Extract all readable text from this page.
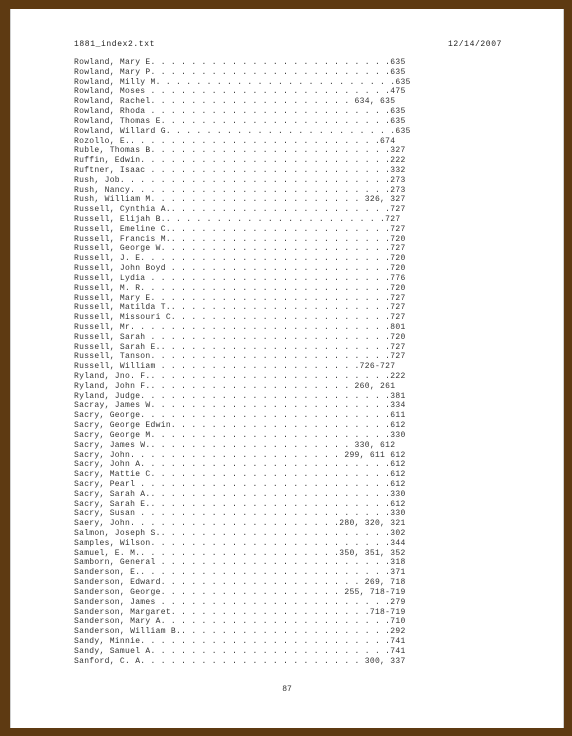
1881_index2.txt	12/14/2007
Rowland, Mary E. . . . . . . . . . . . . . . . . . . . . . . .635
Rowland, Mary P. . . . . . . . . . . . . . . . . . . . . . . .635
Rowland, Milly M. . . . . . . . . . . . . . . . . . . . . . . .635
Rowland, Moses . . . . . . . . . . . . . . . . . . . . . . . .475
Rowland, Rachel. . . . . . . . . . . . . . . . . . . . 634, 635
Rowland, Rhoda . . . . . . . . . . . . . . . . . . . . . . . .635
Rowland, Thomas E. . . . . . . . . . . . . . . . . . . . . . .635
Rowland, Willard G. . . . . . . . . . . . . . . . . . . . . . .635
Rozollo, E.. . . . . . . . . . . . . . . . . . . . . . . . .674
Ruble, Thomas B. . . . . . . . . . . . . . . . . . . . . . . .327
Ruffin, Edwin. . . . . . . . . . . . . . . . . . . . . . . . .222
Ruftner, Isaac . . . . . . . . . . . . . . . . . . . . . . . .332
Rush, Job. . . . . . . . . . . . . . . . . . . . . . . . . . .273
Rush, Nancy. . . . . . . . . . . . . . . . . . . . . . . . . .273
Rush, William M. . . . . . . . . . . . . . . . . . . . . 326, 327
Russell, Cynthia A.. . . . . . . . . . . . . . . . . . . . . .727
Russell, Elijah B.. . . . . . . . . . . . . . . . . . . . . .727
Russell, Emeline C.. . . . . . . . . . . . . . . . . . . . . .727
Russell, Francis M.. . . . . . . . . . . . . . . . . . . . . .720
Russell, George W. . . . . . . . . . . . . . . . . . . . . . .727
Russell, J. E. . . . . . . . . . . . . . . . . . . . . . . . .720
Russell, John Boyd . . . . . . . . . . . . . . . . . . . . . .720
Russell, Lydia . . . . . . . . . . . . . . . . . . . . . . . .776
Russell, M. R. . . . . . . . . . . . . . . . . . . . . . . . .720
Russell, Mary E. . . . . . . . . . . . . . . . . . . . . . . .727
Russell, Matilda T.. . . . . . . . . . . . . . . . . . . . . .727
Russell, Missouri C. . . . . . . . . . . . . . . . . . . . . .727
Russell, Mr. . . . . . . . . . . . . . . . . . . . . . . . . .801
Russell, Sarah . . . . . . . . . . . . . . . . . . . . . . . .720
Russell, Sarah E.. . . . . . . . . . . . . . . . . . . . . . .727
Russell, Tanson. . . . . . . . . . . . . . . . . . . . . . . .727
Russell, William . . . . . . . . . . . . . . . . . . . .726-727
Ryland, Jno. F.. . . . . . . . . . . . . . . . . . . . . . . .222
Ryland, John F.. . . . . . . . . . . . . . . . . . . . 260, 261
Ryland, Judge. . . . . . . . . . . . . . . . . . . . . . . . .381
Sacray, James W. . . . . . . . . . . . . . . . . . . . . . . .334
Sacry, George. . . . . . . . . . . . . . . . . . . . . . . . .611
Sacry, George Edwin. . . . . . . . . . . . . . . . . . . . . .612
Sacry, George M. . . . . . . . . . . . . . . . . . . . . . . .330
Sacry, James W.. . . . . . . . . . . . . . . . . . . . 330, 612
Sacry, John. . . . . . . . . . . . . . . . . . . . . 299, 611 612
Sacry, John A. . . . . . . . . . . . . . . . . . . . . . . . .612
Sacry, Mattie C. . . . . . . . . . . . . . . . . . . . . . . .612
Sacry, Pearl . . . . . . . . . . . . . . . . . . . . . . . . .612
Sacry, Sarah A.. . . . . . . . . . . . . . . . . . . . . . . .330
Sacry, Sarah E.. . . . . . . . . . . . . . . . . . . . . . . .612
Sacry, Susan . . . . . . . . . . . . . . . . . . . . . . . . .330
Saery, John. . . . . . . . . . . . . . . . . . . . .280, 320, 321
Salmon, Joseph S.. . . . . . . . . . . . . . . . . . . . . . .302
Samples, Wilson. . . . . . . . . . . . . . . . . . . . . . . .344
Samuel, E. M.. . . . . . . . . . . . . . . . . . . .350, 351, 352
Samborn, General . . . . . . . . . . . . . . . . . . . . . . .318
Sanderson, E.. . . . . . . . . . . . . . . . . . . . . . . . .371
Sanderson, Edward. . . . . . . . . . . . . . . . . . . . 269, 718
Sanderson, George. . . . . . . . . . . . . . . . . . 255, 718-719
Sanderson, James . . . . . . . . . . . . . . . . . . . . . . .279
Sanderson, Margaret. . . . . . . . . . . . . . . . . . . .718-719
Sanderson, Mary A. . . . . . . . . . . . . . . . . . . . . . .710
Sanderson, William B.. . . . . . . . . . . . . . . . . . . . .292
Sandy, Minnie. . . . . . . . . . . . . . . . . . . . . . . . .741
Sandy, Samuel A. . . . . . . . . . . . . . . . . . . . . . . .741
Sanford, C. A. . . . . . . . . . . . . . . . . . . . . . 300, 337
87
